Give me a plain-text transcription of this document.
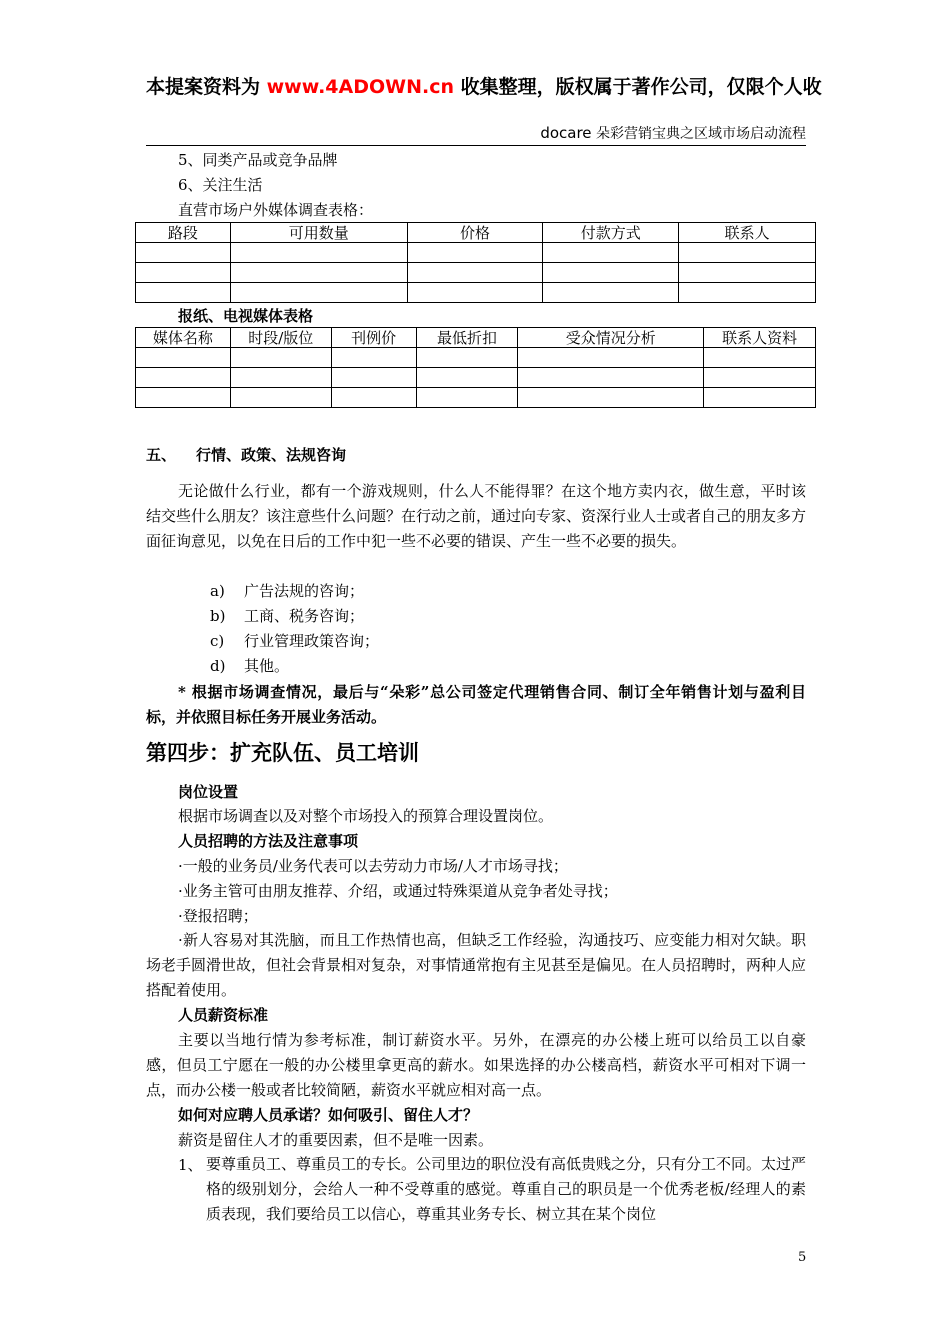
本提案资料为 www.4ADOWN.cn 收集整理，版权属于著作公司，仅限个人收
docare 朵彩营销宝典之区域市场启动流程
5、同类产品或竞争品牌
6、关注生活
直营市场户外媒体调查表格：
路段	可用数量	价格	付款方式	联系人

报纸、电视媒体表格
媒体名称	时段/版位	刊例价	最低折扣	受众情况分析	联系人资料

五、 行情、政策、法规咨询

无论做什么行业，都有一个游戏规则，什么人不能得罪？在这个地方卖内衣，做生意，平时该结交些什么朋友？该注意些什么问题？在行动之前，通过向专家、资深行业人士或者自己的朋友多方面征询意见，以免在日后的工作中犯一些不必要的错误、产生一些不必要的损失。

a) 广告法规的咨询；
b) 工商、税务咨询；
c) 行业管理政策咨询；
d) 其他。

* 根据市场调查情况，最后与“朵彩”总公司签定代理销售合同、制订全年销售计划与盈利目标，并依照目标任务开展业务活动。

第四步：扩充队伍、员工培训
岗位设置
根据市场调查以及对整个市场投入的预算合理设置岗位。
人员招聘的方法及注意事项
·一般的业务员/业务代表可以去劳动力市场/人才市场寻找；
·业务主管可由朋友推荐、介绍，或通过特殊渠道从竞争者处寻找；
·登报招聘；

·新人容易对其洗脑，而且工作热情也高，但缺乏工作经验，沟通技巧、应变能力相对欠缺。职场老手圆滑世故，但社会背景相对复杂，对事情通常抱有主见甚至是偏见。在人员招聘时，两种人应搭配着使用。

人员薪资标准

主要以当地行情为参考标准，制订薪资水平。另外，在漂亮的办公楼上班可以给员工以自豪感，但员工宁愿在一般的办公楼里拿更高的薪水。如果选择的办公楼高档，薪资水平可相对下调一点，而办公楼一般或者比较简陋，薪资水平就应相对高一点。

如何对应聘人员承诺？如何吸引、留住人才？
薪资是留住人才的重要因素，但不是唯一因素。
1、 要尊重员工、尊重员工的专长。公司里边的职位没有高低贵贱之分，只有分工不同。太过严格的级别划分，会给人一种不受尊重的感觉。尊重自己的职员是一个优秀老板/经理人的素质表现，我们要给员工以信心，尊重其业务专长、树立其在某个岗位

5
